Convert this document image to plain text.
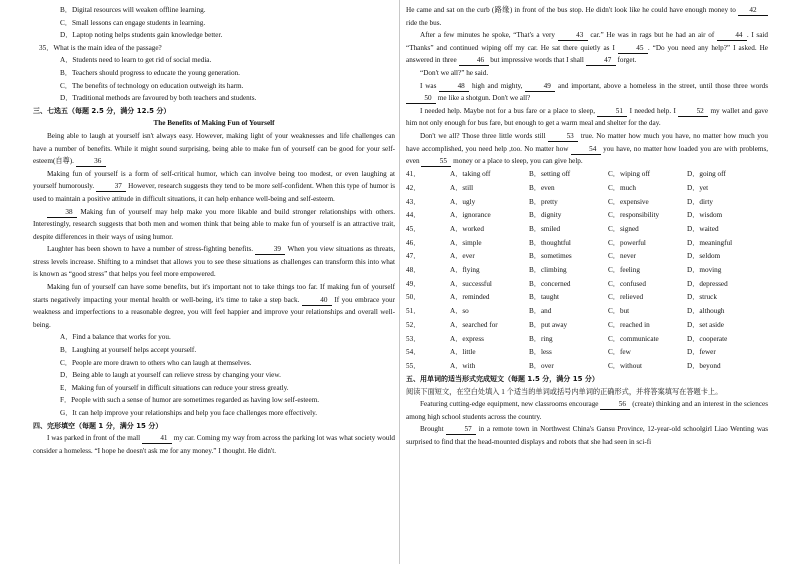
B．Digital resources will weaken offline learning.
C．Small lessons can engage students in learning.
D．Laptop noting helps students gain knowledge better.
35．What is the main idea of the passage?
A．Students need to learn to get rid of social media.
B．Teachers should progress to educate the young generation.
C．The benefits of technology on education outweigh its harm.
D．Traditional methods are favoured by both teachers and students.
三、七选五（每题 2.5 分，满分 12.5 分）
The Benefits of Making Fun of Yourself

Being able to laugh at yourself isn't always easy. However, making light of your weaknesses and life challenges can have a number of benefits. While it might sound surprising, being able to make fun of yourself can be good for your self-esteem(自尊).	36

Making fun of yourself is a form of self-critical humor, which can involve being too modest, or even laughing at yourself humorously.	37 However, research suggests they tend to be more self-confident. When this type of humor is used to maintain a positive attitude in difficult situations, it can help enhance well-being and self-esteem.

38 Making fun of yourself may help make you more likable and build stronger relationships with others. Interestingly, research suggests that both men and women think that being able to make fun of yourself is an attractive trait, despite differences in their ways of using humor.

Laughter has been shown to have a number of stress-fighting benefits.	39 When you view situations as threats, stress levels increase. Shifting to a mindset that allows you to see these situations as challenges can transform this into what is known as “good stress” that helps you feel more empowered.

Making fun of yourself can have some benefits, but it's important not to take things too far. If making fun of yourself starts negatively impacting your mental health or well-being, it's time to take a step back.	40 If you embrace your weakness and imperfections to a reasonable degree, you will feel happier and improve your relationships and overall well-being.

A．Find a balance that works for you.
B．Laughing at yourself helps accept yourself.
C．People are more drawn to others who can laugh at themselves.
D．Being able to laugh at yourself can relieve stress by changing your view.
E．Making fun of yourself in difficult situations can reduce your stress greatly.
F．People with such a sense of humor are sometimes regarded as having low self-esteem.
G．It can help improve your relationships and help you face challenges more effectively.
四、完形填空（每题 1 分，满分 15 分）

I was parked in front of the mall	41 my car. Coming my way from across the parking lot was what society would consider a homeless. “I hope he doesn't ask me for any money.” I thought. He didn't.

He came and sat on the curb (路缘) in front of the bus stop. He didn't look like he could have enough money to 42 ride the bus.

After a few minutes he spoke, “That's a very	43 car.” He was in rags but he had an air of	44 . I said “Thanks” and continued wiping off my car. He sat there quietly as I	45 . “Do you need any help?” I asked. He answered in three	46 but impressive words that I shall	47 forget.

“Don't we all?” he said.

I was	48 high and mighty,	49 and important, above a homeless in the street, until those three words 50 me like a shotgun. Don't we all?

I needed help. Maybe not for a bus fare or a place to sleep,	51 I needed help. I	52 my wallet and gave him not only enough for bus fare, but enough to get a warm meal and shelter for the day.

Don't we all? Those three little words still	53 true. No matter how much you have, no matter how much you have accomplished, you need help ,too. No matter how	54 you have, no matter how loaded you are with problems, even	55 money or a place to sleep, you can give help.

41．	A．taking off	B．setting off	C．wiping off	D．going off
42．	A．still	B．even	C．much	D．yet
43．	A．ugly	B．pretty	C．expensive	D．dirty
44．	A．ignorance	B．dignity	C．responsibility	D．wisdom
45．	A．worked	B．smiled	C．signed	D．waited
46．	A．simple	B．thoughtful	C．powerful	D．meaningful
47．	A．ever	B．sometimes	C．never	D．seldom
48．	A．flying	B．climbing	C．feeling	D．moving
49．	A．successful	B．concerned	C．confused	D．depressed
50．	A．reminded	B．taught	C．relieved	D．struck
51．	A．so	B．and	C．but	D．although
52．	A．searched for	B．put away	C．reached in	D．set aside
53．	A．express	B．ring	C．communicate	D．cooperate
54．	A．little	B．less	C．few	D．fewer
55．	A．with	B．over	C．without	D．beyond
五、用单词的适当形式完成短文（每题 1.5 分，满分 15 分）
阅读下面短文，在空白处填入 1 个适当的单词或括号内单词的正确形式，并将答案填写在答题卡上。

Featuring cutting-edge equipment, new classrooms encourage	56 (create) thinking and an interest in the sciences among high school students across the country.

Brought	57 in a remote town in Northwest China's Gansu Province, 12-year-old schoolgirl Liao Wenting was surprised to find that the head-mounted displays and robots that she had seen in sci-fi
